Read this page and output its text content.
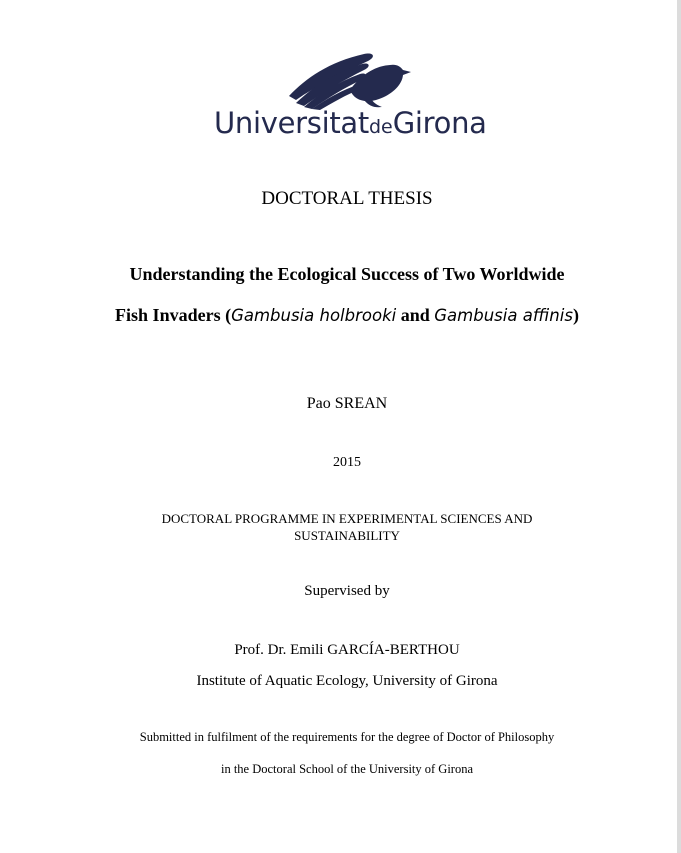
UniversitatdeGirona
DOCTORAL THESIS
Understanding the Ecological Success of Two Worldwide
Fish Invaders (Gambusia holbrooki and Gambusia affinis)
Pao SREAN
2015
DOCTORAL PROGRAMME IN EXPERIMENTAL SCIENCES AND
SUSTAINABILITY
Supervised by
Prof. Dr. Emili GARCÍA-BERTHOU
Institute of Aquatic Ecology, University of Girona
Submitted in fulfilment of the requirements for the degree of Doctor of Philosophy
in the Doctoral School of the University of Girona
